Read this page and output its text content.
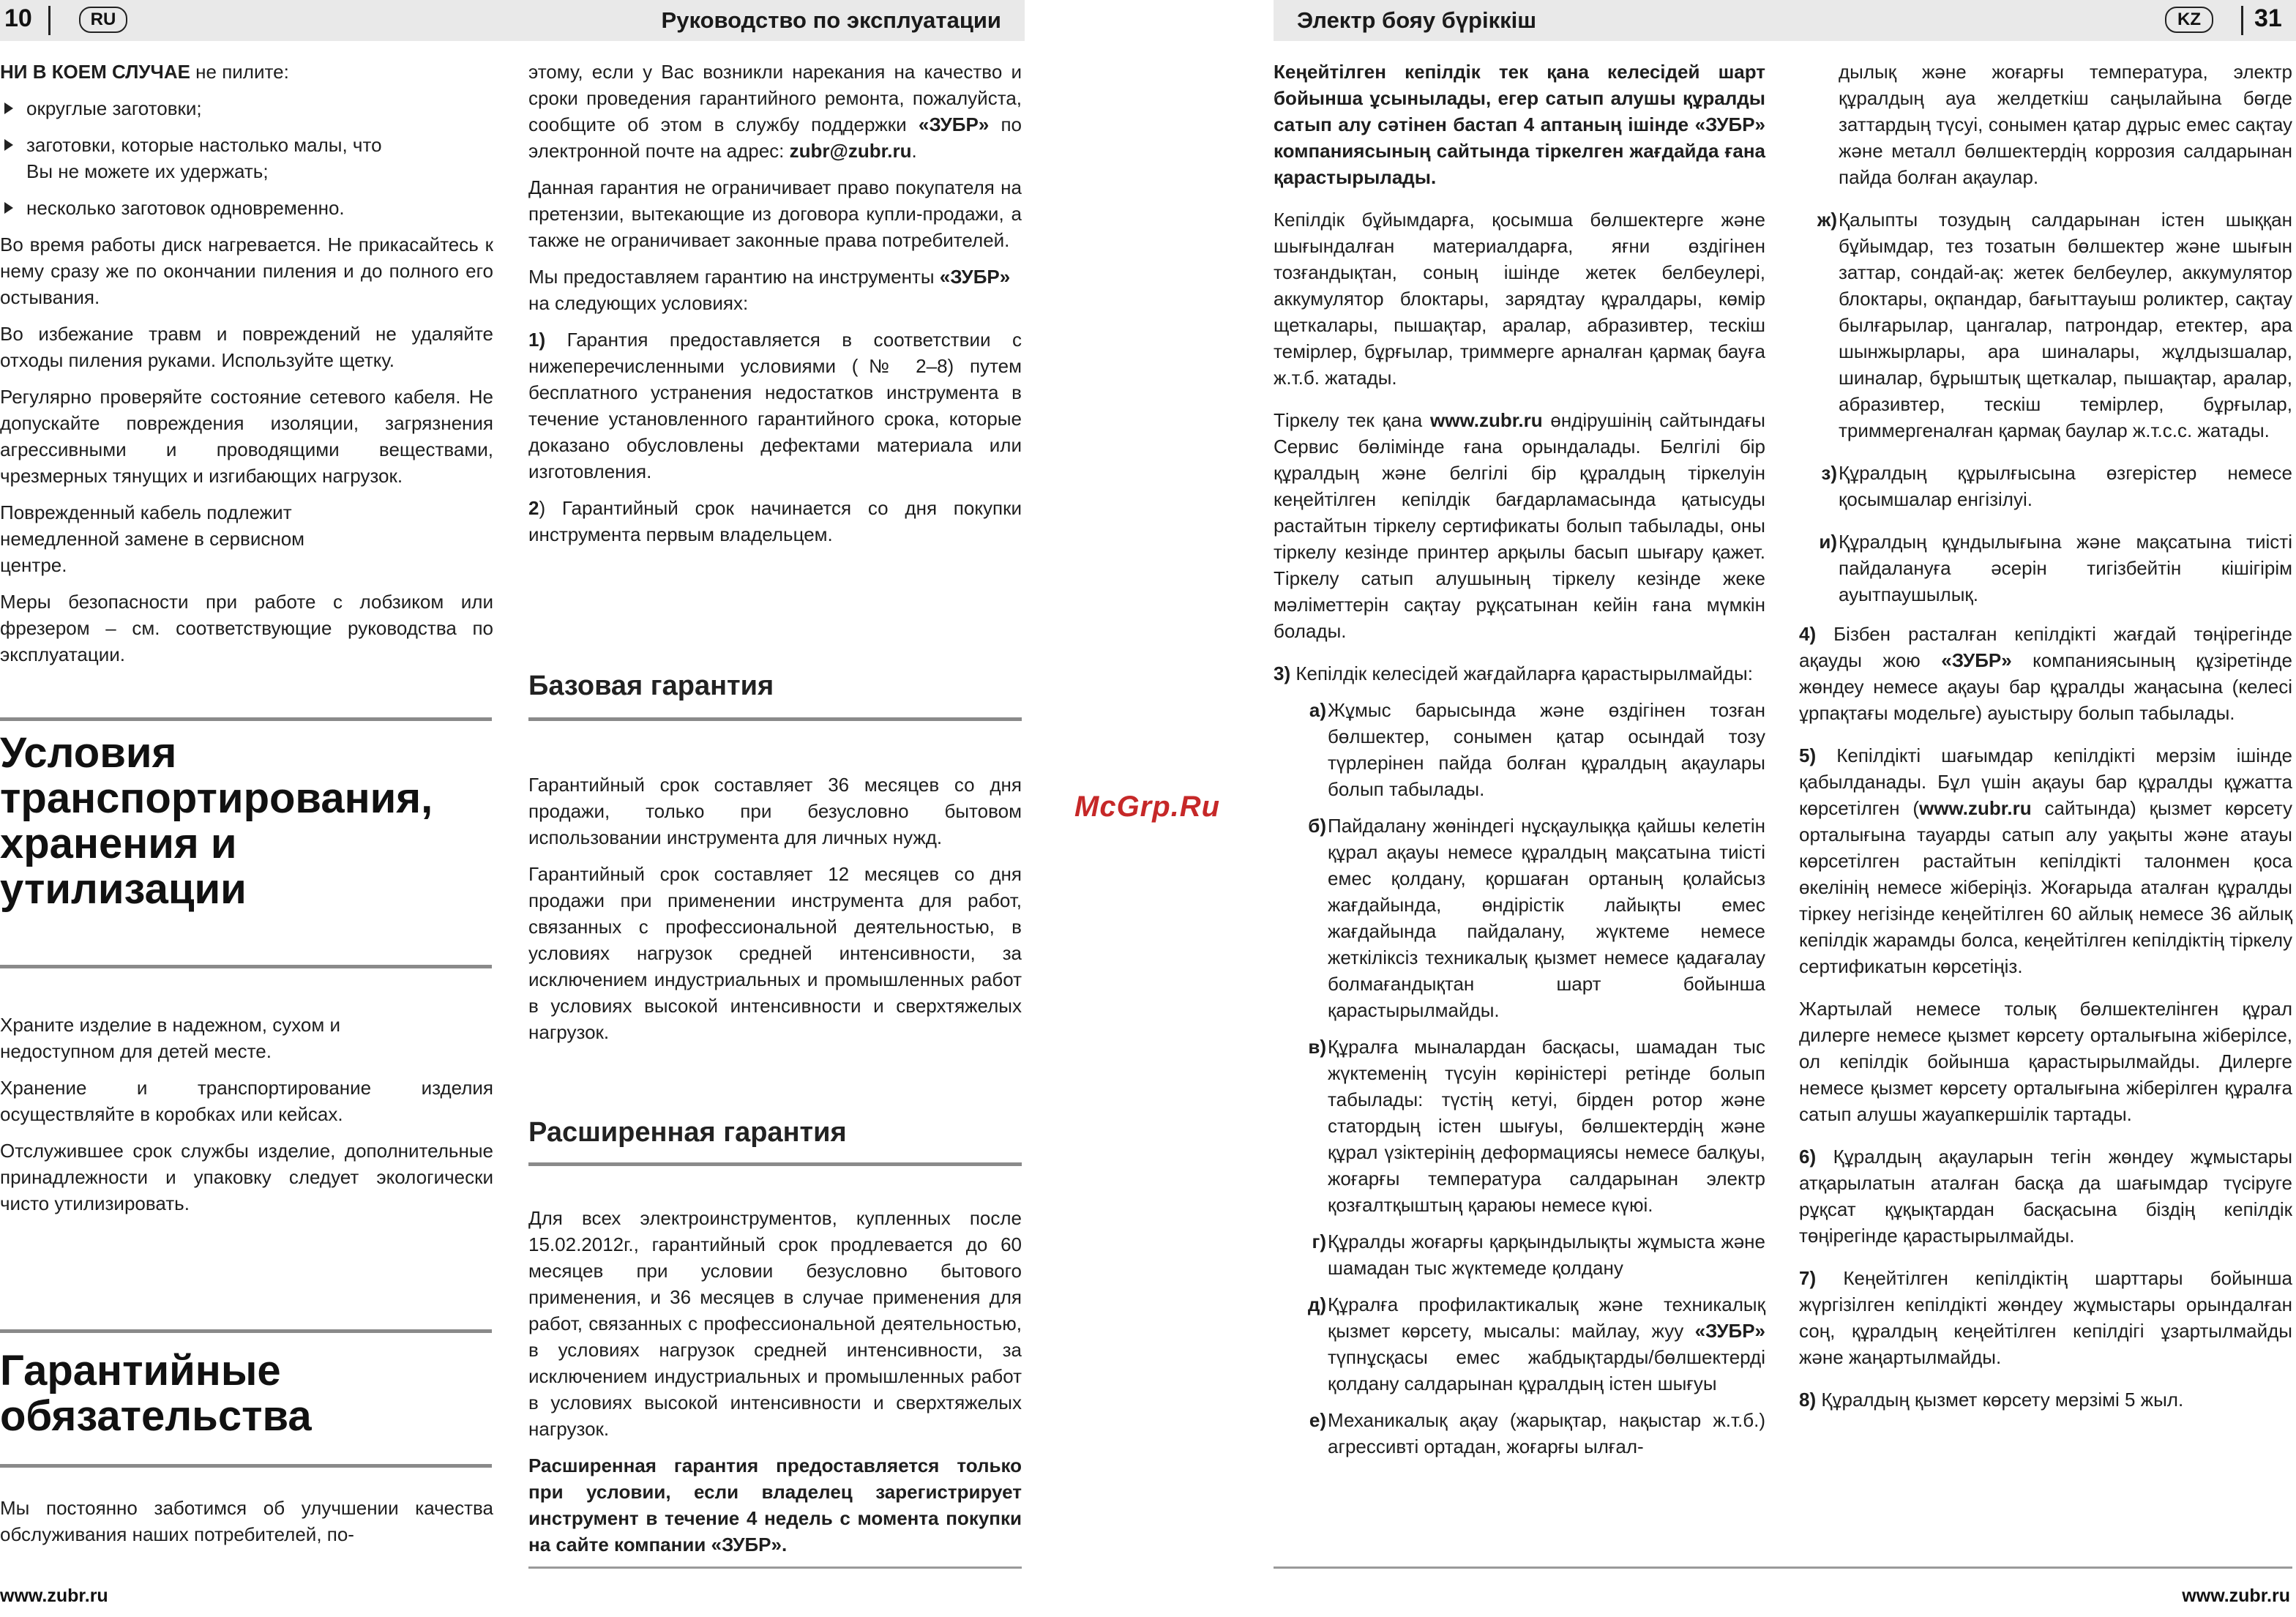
10	RU	Руководство по эксплуатации

НИ В КОЕМ СЛУЧАЕ не пилите:

округлые заготовки;

заготовки, которые настолько малы, что Вы не можете их удержать;

несколько заготовок одновременно.

Во время работы диск нагревается. Не прикасайтесь к нему сразу же по окончании пиления и до полного его остывания.

Во избежание травм и повреждений не удаляйте отходы пиления руками. Используйте щетку.

Регулярно проверяйте состояние сетевого кабеля. Не допускайте повреждения изоляции, загрязнения агрессивными и проводящими веществами, чрезмерных тянущих и изгибающих нагрузок.

Поврежденный кабель подлежит немедленной замене в сервисном центре.

Меры безопасности при работе с лобзиком или фрезером – см. соответствующие руководства по эксплуатации.

Условия транспортирования, хранения и утилизации

Храните изделие в надежном, сухом и недоступном для детей месте.

Хранение и транспортирование изделия осуществляйте в коробках или кейсах.

Отслужившее срок службы изделие, дополнительные принадлежности и упаковку следует экологически чисто утилизировать.

Гарантийные обязательства
Мы постоянно заботимся об улучшении качества обслуживания наших потребителей, по-

этому, если у Вас возникли нарекания на качество и сроки проведения гарантийного ремонта, пожалуйста, сообщите об этом в службу поддержки «ЗУБР» по электронной почте на адрес: zubr@zubr.ru.

Данная гарантия не ограничивает право покупателя на претензии, вытекающие из договора купли-продажи, а также не ограничивает законные права потребителей.

Мы предоставляем гарантию на инструменты «ЗУБР» на следующих условиях:

1) Гарантия предоставляется в соответствии с нижеперечисленными условиями (№ 2–8) путем бесплатного устранения недостатков инструмента в течение установленного гарантийного срока, которые доказано обусловлены дефектами материала или изготовления.

2) Гарантийный срок начинается со дня покупки инструмента первым владельцем.

Базовая гарантия

Гарантийный срок составляет 36 месяцев со дня продажи, только при безусловно бытовом использовании инструмента для личных нужд.

Гарантийный срок составляет 12 месяцев со дня продажи при применении инструмента для работ, связанных с профессиональной деятельностью, в условиях нагрузок средней интенсивности, за исключением индустриальных и промышленных работ в условиях высокой интенсивности и сверхтяжелых нагрузок.

Расширенная гарантия

Для всех электроинструментов, купленных после 15.02.2012г., гарантийный срок продлевается до 60 месяцев при условии безусловно бытового применения, и 36 месяцев в случае применения для работ, связанных с профессиональной деятельностью, в условиях нагрузок средней интенсивности, за исключением индустриальных и промышленных работ в условиях высокой интенсивности и сверхтяжелых нагрузок.

Расширенная гарантия предоставляется только при условии, если владелец зарегистрирует инструмент в течение 4 недель с момента покупки на сайте компании «ЗУБР».

www.zubr.ru
McGrp.Ru
Электр бояу бүріккіш	KZ	31

Кеңейтілген кепілдік тек қана келесідей шарт бойынша ұсынылады, егер сатып алушы құралды сатып алу сәтінен бастап 4 аптаның ішінде «ЗУБР» компаниясының сайтында тіркелген жағдайда ғана қарастырылады.

Кепілдік бұйымдарға, қосымша бөлшектерге және шығындалған материалдарға, яғни өздігінен тозғандықтан, соның ішінде жетек белбеулері, аккумулятор блоктары, зарядтау құралдары, көмір щеткалары, пышақтар, аралар, абразивтер, тескіш темірлер, бұрғылар, триммерге арналған қармақ бауға ж.т.б. жатады.

Тіркелу тек қана www.zubr.ru өндірушінің сайтындағы Сервис бөлімінде ғана орындалады. Белгілі бір құралдың және белгілі бір құралдың тіркелуін кеңейтілген кепілдік бағдарламасында қатысуды растайтын тіркелу сертификаты болып табылады, оны тіркелу кезінде принтер арқылы басып шығару қажет. Тіркелу сатып алушының тіркелу кезінде жеке мәліметтерін сақтау рұқсатынан кейін ғана мүмкін болады.

3) Кепілдік келесідей жағдайларға қарастырылмайды:

а) Жұмыс барысында және өздігінен тозған бөлшектер, сонымен қатар осындай тозу түрлерінен пайда болған құралдың ақаулары болып табылады.
б) Пайдалану жөніндегі нұсқаулыққа қайшы келетін құрал ақауы немесе құралдың мақсатына тиісті емес қолдану, қоршаған ортаның қолайсыз жағдайында, өндірістік лайықты емес жағдайында пайдалану, жүктеме немесе жеткіліксіз техникалық қызмет немесе қадағалау болмағандықтан шарт бойынша қарастырылмайды.
в) Құралға мыналардан басқасы, шамадан тыс жүктеменің түсуін көріністері ретінде болып табылады: түстің кетуі, бірден ротор және статордың істен шығуы, бөлшектердің және құрал үзіктерінің деформациясы немесе балқуы, жоғарғы температура салдарынан электр қозғалтқыштың қараюы немесе күюі.
г) Құралды жоғарғы қарқындылықты жұмыста және шамадан тыс жүктемеде қолдану
д) Құралға профилактикалық және техникалық қызмет көрсету, мысалы: майлау, жуу «ЗУБР» түпнұсқасы емес жабдықтарды/бөлшектерді қолдану салдарынан құралдың істен шығуы
е) Механикалық ақау (жарықтар, нақыстар ж.т.б.) агрессивті ортадан, жоғарғы ылғал-

дылық және жоғарғы температура, электр құралдың ауа желдеткіш саңылайына бөгде заттардың түсуі, сонымен қатар дұрыс емес сақтау және металл бөлшектердің коррозия салдарынан пайда болған ақаулар.

ж) Қалыпты тозудың салдарынан істен шыққан бұйымдар, тез тозатын бөлшектер және шығын заттар, сондай-ақ: жетек белбеулер, аккумулятор блоктары, оқпандар, бағыттауыш роликтер, сақтау былғарылар, цангалар, патрондар, етектер, ара шынжырлары, ара шиналары, жұлдызшалар, шиналар, бұрыштық щеткалар, пышақтар, аралар, абразивтер, тескіш темірлер, бұрғылар, триммергеналған қармақ баулар ж.т.с.с. жатады.
з) Құралдың құрылғысына өзгерістер немесе қосымшалар енгізілуі.
и) Құралдың құндылығына және мақсатына тиісті пайдалануға әсерін тигізбейтін кішігірім ауытпаушылық.

4) Бізбен расталған кепілдікті жағдай төңірегінде ақауды жою «ЗУБР» компаниясының құзіретінде жөндеу немесе ақауы бар құралды жаңасына (келесі ұрпақтағы модельге) ауыстыру болып табылады.

5) Кепілдікті шағымдар кепілдікті мерзім ішінде қабылданады. Бұл үшін ақауы бар құралды құжатта көрсетілген (www.zubr.ru сайтында) қызмет көрсету орталығына тауарды сатып алу уақыты және атауы көрсетілген растайтын кепілдікті талонмен қоса өкелінің немесе жіберіңіз. Жоғарыда аталған құралды тіркеу негізінде кеңейтілген 60 айлық немесе 36 айлық кепілдік жарамды болса, кеңейтілген кепілдіктің тіркелу сертификатын көрсетіңіз.

Жартылай немесе толық бөлшектелінген құрал дилерге немесе қызмет көрсету орталығына жіберілсе, ол кепілдік бойынша қарастырылмайды. Дилерге немесе қызмет көрсету орталығына жіберілген құралға сатып алушы жауапкершілік тартады.

6) Құралдың ақауларын тегін жөндеу жұмыстары атқарылатын аталған басқа да шағымдар түсіруге рұқсат құқықтардан басқасына біздің кепілдік төңірегінде қарастырылмайды.

7) Кеңейтілген кепілдіктің шарттары бойынша жүргізілген кепілдікті жөндеу жұмыстары орындалған соң, құралдың кеңейтілген кепілдігі ұзартылмайды және жаңартылмайды.

8) Құралдың қызмет көрсету мерзімі 5 жыл.

www.zubr.ru
